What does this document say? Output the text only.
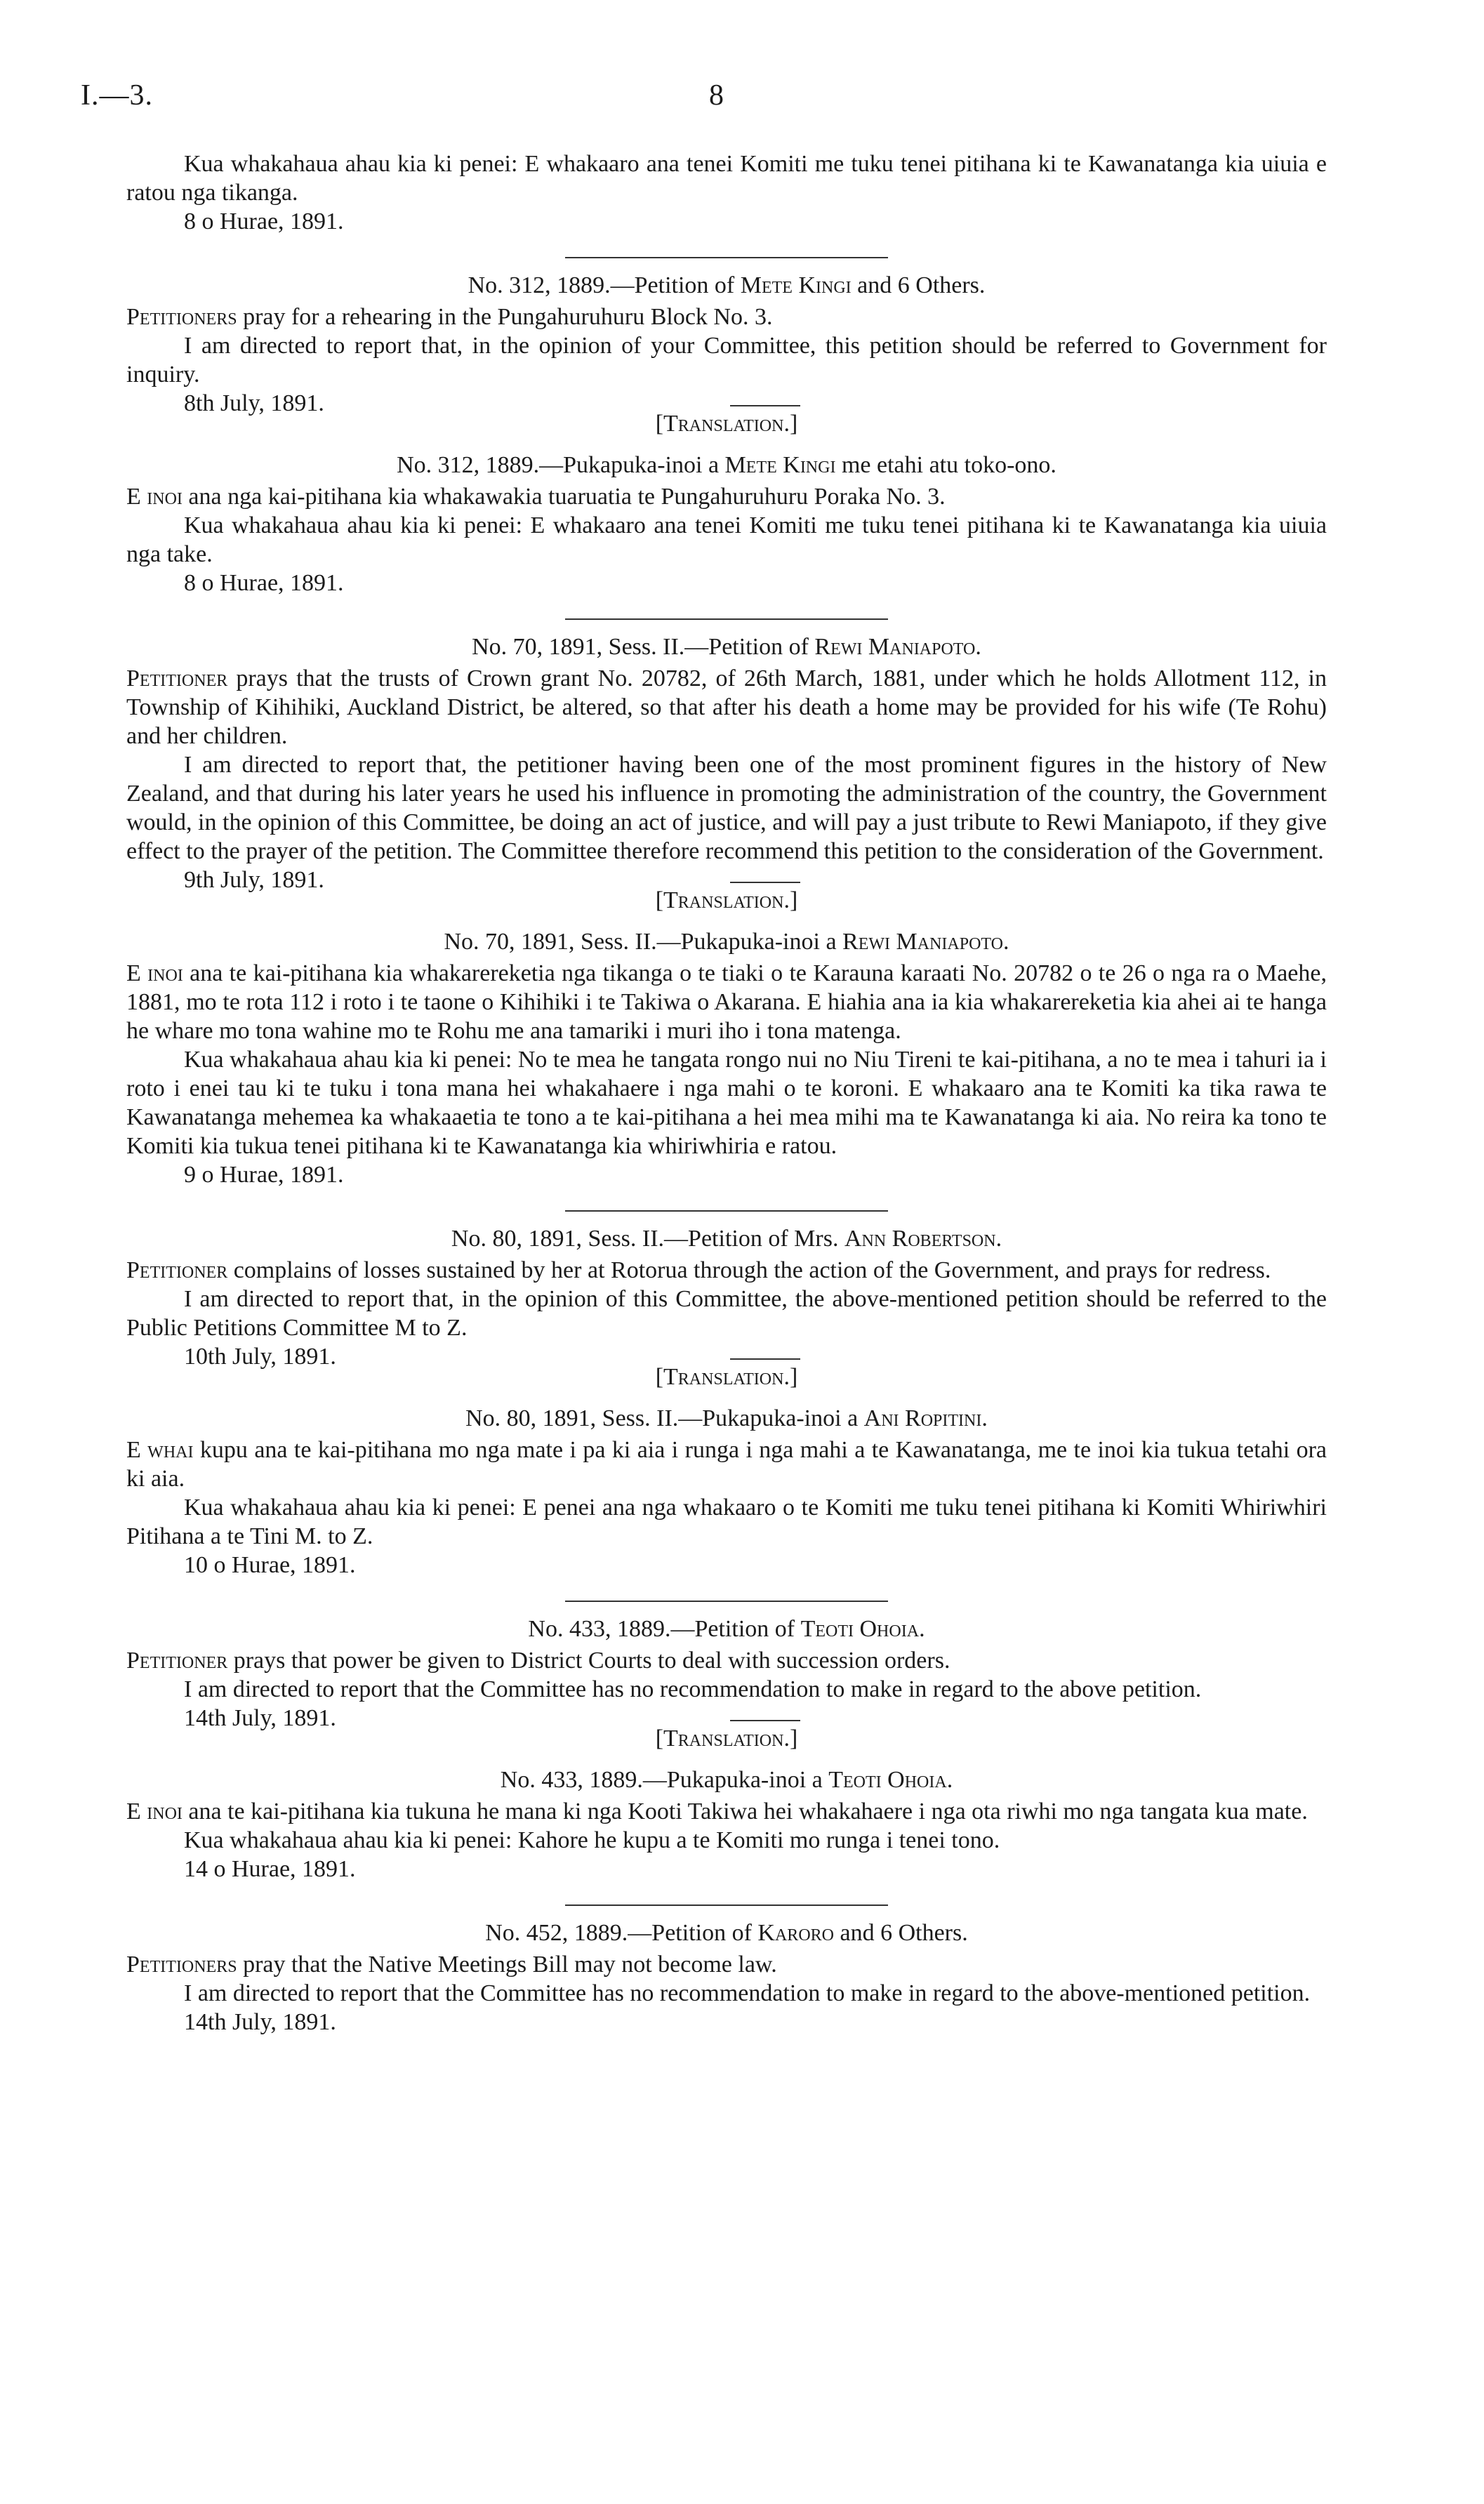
I.—3.	8

Kua whakahaua ahau kia ki penei: E whakaaro ana tenei Komiti me tuku tenei pitihana ki te Kawanatanga kia uiuia e ratou nga tikanga.

8 o Hurae, 1891.

No. 312, 1889.—Petition of Mete Kingi and 6 Others.

Petitioners pray for a rehearing in the Pungahuruhuru Block No. 3.

I am directed to report that, in the opinion of your Committee, this petition should be referred to Government for inquiry.

8th July, 1891.

[Translation.]

No. 312, 1889.—Pukapuka-inoi a Mete Kingi me etahi atu toko-ono.

E inoi ana nga kai-pitihana kia whakawakia tuaruatia te Pungahuruhuru Poraka No. 3.

Kua whakahaua ahau kia ki penei: E whakaaro ana tenei Komiti me tuku tenei pitihana ki te Kawanatanga kia uiuia nga take.

8 o Hurae, 1891.

No. 70, 1891, Sess. II.—Petition of Rewi Maniapoto.

Petitioner prays that the trusts of Crown grant No. 20782, of 26th March, 1881, under which he holds Allotment 112, in Township of Kihihiki, Auckland District, be altered, so that after his death a home may be provided for his wife (Te Rohu) and her children.

I am directed to report that, the petitioner having been one of the most prominent figures in the history of New Zealand, and that during his later years he used his influence in promoting the administration of the country, the Government would, in the opinion of this Committee, be doing an act of justice, and will pay a just tribute to Rewi Maniapoto, if they give effect to the prayer of the petition. The Committee therefore recommend this petition to the consideration of the Government.

9th July, 1891.

[Translation.]

No. 70, 1891, Sess. II.—Pukapuka-inoi a Rewi Maniapoto.

E inoi ana te kai-pitihana kia whakarereketia nga tikanga o te tiaki o te Karauna karaati No. 20782 o te 26 o nga ra o Maehe, 1881, mo te rota 112 i roto i te taone o Kihihiki i te Takiwa o Akarana. E hiahia ana ia kia whakarereketia kia ahei ai te hanga he whare mo tona wahine mo te Rohu me ana tamariki i muri iho i tona matenga.

Kua whakahaua ahau kia ki penei: No te mea he tangata rongo nui no Niu Tireni te kai-pitihana, a no te mea i tahuri ia i roto i enei tau ki te tuku i tona mana hei whakahaere i nga mahi o te koroni. E whakaaro ana te Komiti ka tika rawa te Kawanatanga mehemea ka whakaaetia te tono a te kai-pitihana a hei mea mihi ma te Kawanatanga ki aia. No reira ka tono te Komiti kia tukua tenei pitihana ki te Kawanatanga kia whiriwhiria e ratou.

9 o Hurae, 1891.

No. 80, 1891, Sess. II.—Petition of Mrs. Ann Robertson.

Petitioner complains of losses sustained by her at Rotorua through the action of the Government, and prays for redress.

I am directed to report that, in the opinion of this Committee, the above-mentioned petition should be referred to the Public Petitions Committee M to Z.

10th July, 1891.

[Translation.]

No. 80, 1891, Sess. II.—Pukapuka-inoi a Ani Ropitini.

E whai kupu ana te kai-pitihana mo nga mate i pa ki aia i runga i nga mahi a te Kawanatanga, me te inoi kia tukua tetahi ora ki aia.

Kua whakahaua ahau kia ki penei: E penei ana nga whakaaro o te Komiti me tuku tenei pitihana ki Komiti Whiriwhiri Pitihana a te Tini M. to Z.

10 o Hurae, 1891.

No. 433, 1889.—Petition of Teoti Ohoia.

Petitioner prays that power be given to District Courts to deal with succession orders.

I am directed to report that the Committee has no recommendation to make in regard to the above petition.

14th July, 1891.

[Translation.]

No. 433, 1889.—Pukapuka-inoi a Teoti Ohoia.

E inoi ana te kai-pitihana kia tukuna he mana ki nga Kooti Takiwa hei whakahaere i nga ota riwhi mo nga tangata kua mate.

Kua whakahaua ahau kia ki penei: Kahore he kupu a te Komiti mo runga i tenei tono.

14 o Hurae, 1891.

No. 452, 1889.—Petition of Karoro and 6 Others.

Petitioners pray that the Native Meetings Bill may not become law.

I am directed to report that the Committee has no recommendation to make in regard to the above-mentioned petition.

14th July, 1891.
